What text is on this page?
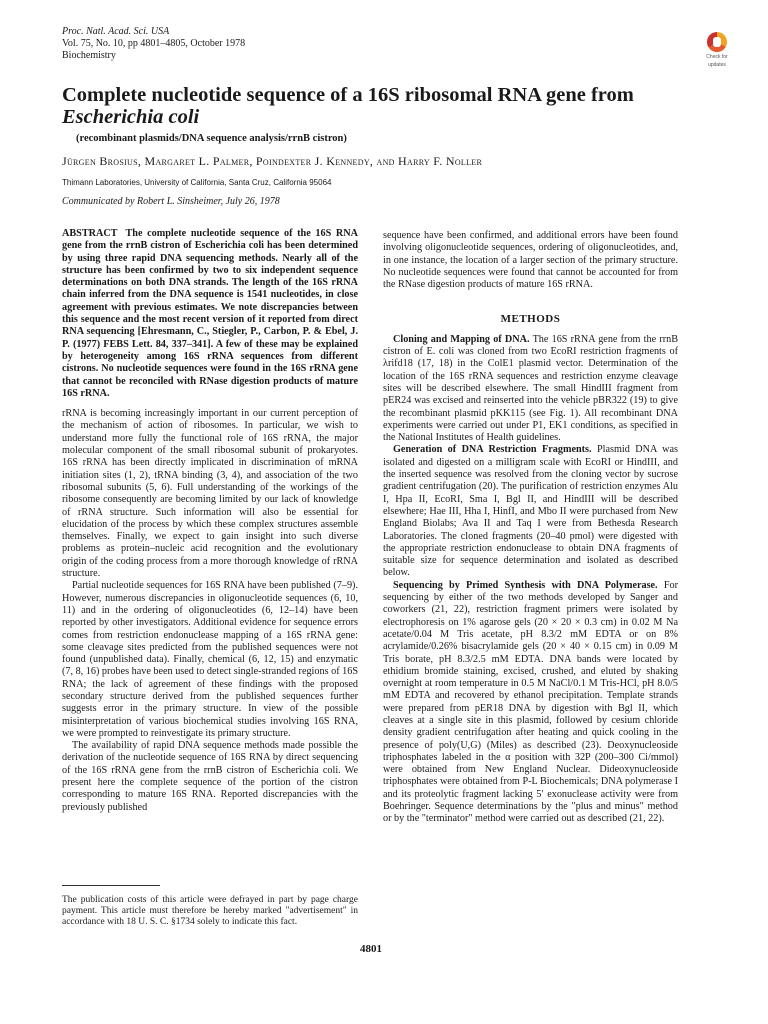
Proc. Natl. Acad. Sci. USA
Vol. 75, No. 10, pp 4801–4805, October 1978
Biochemistry	Check for
updates
Complete nucleotide sequence of a 16S ribosomal RNA gene from
Escherichia coli
(recombinant plasmids/DNA sequence analysis/rrnB cistron)
Jürgen Brosius, Margaret L. Palmer, Poindexter J. Kennedy, and Harry F. Noller
Thimann Laboratories, University of California, Santa Cruz, California 95064
Communicated by Robert L. Sinsheimer, July 26, 1978

ABSTRACT The complete nucleotide sequence of the 16S RNA gene from the rrnB cistron of Escherichia coli has been determined by using three rapid DNA sequencing methods. Nearly all of the structure has been confirmed by two to six independent sequence determinations on both DNA strands. The length of the 16S rRNA chain inferred from the DNA sequence is 1541 nucleotides, in close agreement with previous estimates. We note discrepancies between this sequence and the most recent version of it reported from direct RNA sequencing [Ehresmann, C., Stiegler, P., Carbon, P. & Ebel, J. P. (1977) FEBS Lett. 84, 337–341]. A few of these may be explained by heterogeneity among 16S rRNA sequences from different cistrons. No nucleotide sequences were found in the 16S rRNA gene that cannot be reconciled with RNase digestion products of mature 16S rRNA.

rRNA is becoming increasingly important in our current perception of the mechanism of action of ribosomes. In particular, we wish to understand more fully the functional role of 16S rRNA, the major molecular component of the small ribosomal subunit of prokaryotes. 16S rRNA has been directly implicated in discrimination of mRNA initiation sites (1, 2), tRNA binding (3, 4), and association of the two ribosomal subunits (5, 6). Full understanding of the workings of the ribosome consequently are becoming limited by our lack of knowledge of rRNA structure. Such information will also be essential for elucidation of the process by which these complex structures assemble themselves. Finally, we expect to gain insight into such diverse problems as protein–nucleic acid recognition and the evolutionary origin of the coding process from a more thorough knowledge of rRNA structure.

Partial nucleotide sequences for 16S RNA have been published (7–9). However, numerous discrepancies in oligonucleotide sequences (6, 10, 11) and in the ordering of oligonucleotides (6, 12–14) have been reported by other investigators. Additional evidence for sequence errors comes from restriction endonuclease mapping of a 16S rRNA gene: some cleavage sites predicted from the published sequences were not found (unpublished data). Finally, chemical (6, 12, 15) and enzymatic (7, 8, 16) probes have been used to detect single-stranded regions of 16S RNA; the lack of agreement of these findings with the proposed secondary structure derived from the published sequences further suggests error in the primary structure. In view of the possible misinterpretation of various biochemical studies involving 16S RNA, we were prompted to reinvestigate its primary structure.

The availability of rapid DNA sequence methods made possible the derivation of the nucleotide sequence of 16S RNA by direct sequencing of the 16S rRNA gene from the rrnB cistron of Escherichia coli. We present here the complete sequence of the portion of the cistron corresponding to mature 16S RNA. Reported discrepancies with the previously published

The publication costs of this article were defrayed in part by page charge payment. This article must therefore be hereby marked "advertisement" in accordance with 18 U. S. C. §1734 solely to indicate this fact.

sequence have been confirmed, and additional errors have been found involving oligonucleotide sequences, ordering of oligonucleotides, and, in one instance, the location of a larger section of the primary structure. No nucleotide sequences were found that cannot be accounted for from the RNase digestion products of mature 16S rRNA.

METHODS

Cloning and Mapping of DNA. The 16S rRNA gene from the rrnB cistron of E. coli was cloned from two EcoRI restriction fragments of λrifd18 (17, 18) in the ColE1 plasmid vector. Determination of the location of the 16S rRNA sequences and restriction enzyme cleavage sites will be described elsewhere. The small HindIII fragment from pER24 was excised and reinserted into the vehicle pBR322 (19) to give the recombinant plasmid pKK115 (see Fig. 1). All recombinant DNA experiments were carried out under P1, EK1 conditions, as specified in the National Institutes of Health guidelines.

Generation of DNA Restriction Fragments. Plasmid DNA was isolated and digested on a milligram scale with EcoRI or HindIII, and the inserted sequence was resolved from the cloning vector by sucrose gradient centrifugation (20). The purification of restriction enzymes Alu I, Hpa II, EcoRI, Sma I, Bgl II, and HindIII will be described elsewhere; Hae III, Hha I, HinfI, and Mbo II were purchased from New England Biolabs; Ava II and Taq I were from Bethesda Research Laboratories. The cloned fragments (20–40 pmol) were digested with the appropriate restriction endonuclease to obtain DNA fragments of suitable size for sequence determination and isolated as described below.

Sequencing by Primed Synthesis with DNA Polymerase. For sequencing by either of the two methods developed by Sanger and coworkers (21, 22), restriction fragment primers were isolated by electrophoresis on 1% agarose gels (20 × 20 × 0.3 cm) in 0.02 M Na acetate/0.04 M Tris acetate, pH 8.3/2 mM EDTA or on 8% acrylamide/0.26% bisacrylamide gels (20 × 40 × 0.15 cm) in 0.09 M Tris borate, pH 8.3/2.5 mM EDTA. DNA bands were located by ethidium bromide staining, excised, crushed, and eluted by shaking overnight at room temperature in 0.5 M NaCl/0.1 M Tris-HCl, pH 8.0/5 mM EDTA and recovered by ethanol precipitation. Template strands were prepared from pER18 DNA by digestion with Bgl II, which cleaves at a single site in this plasmid, followed by cesium chloride density gradient centrifugation after heating and quick cooling in the presence of poly(U,G) (Miles) as described (23). Deoxynucleoside triphosphates labeled in the α position with 32P (200–300 Ci/mmol) were obtained from New England Nuclear. Dideoxynucleoside triphosphates were obtained from P-L Biochemicals; DNA polymerase I and its proteolytic fragment lacking 5′ exonuclease activity were from Boehringer. Sequence determinations by the "plus and minus" method or by the "terminator" method were carried out as described (21, 22).

4801
